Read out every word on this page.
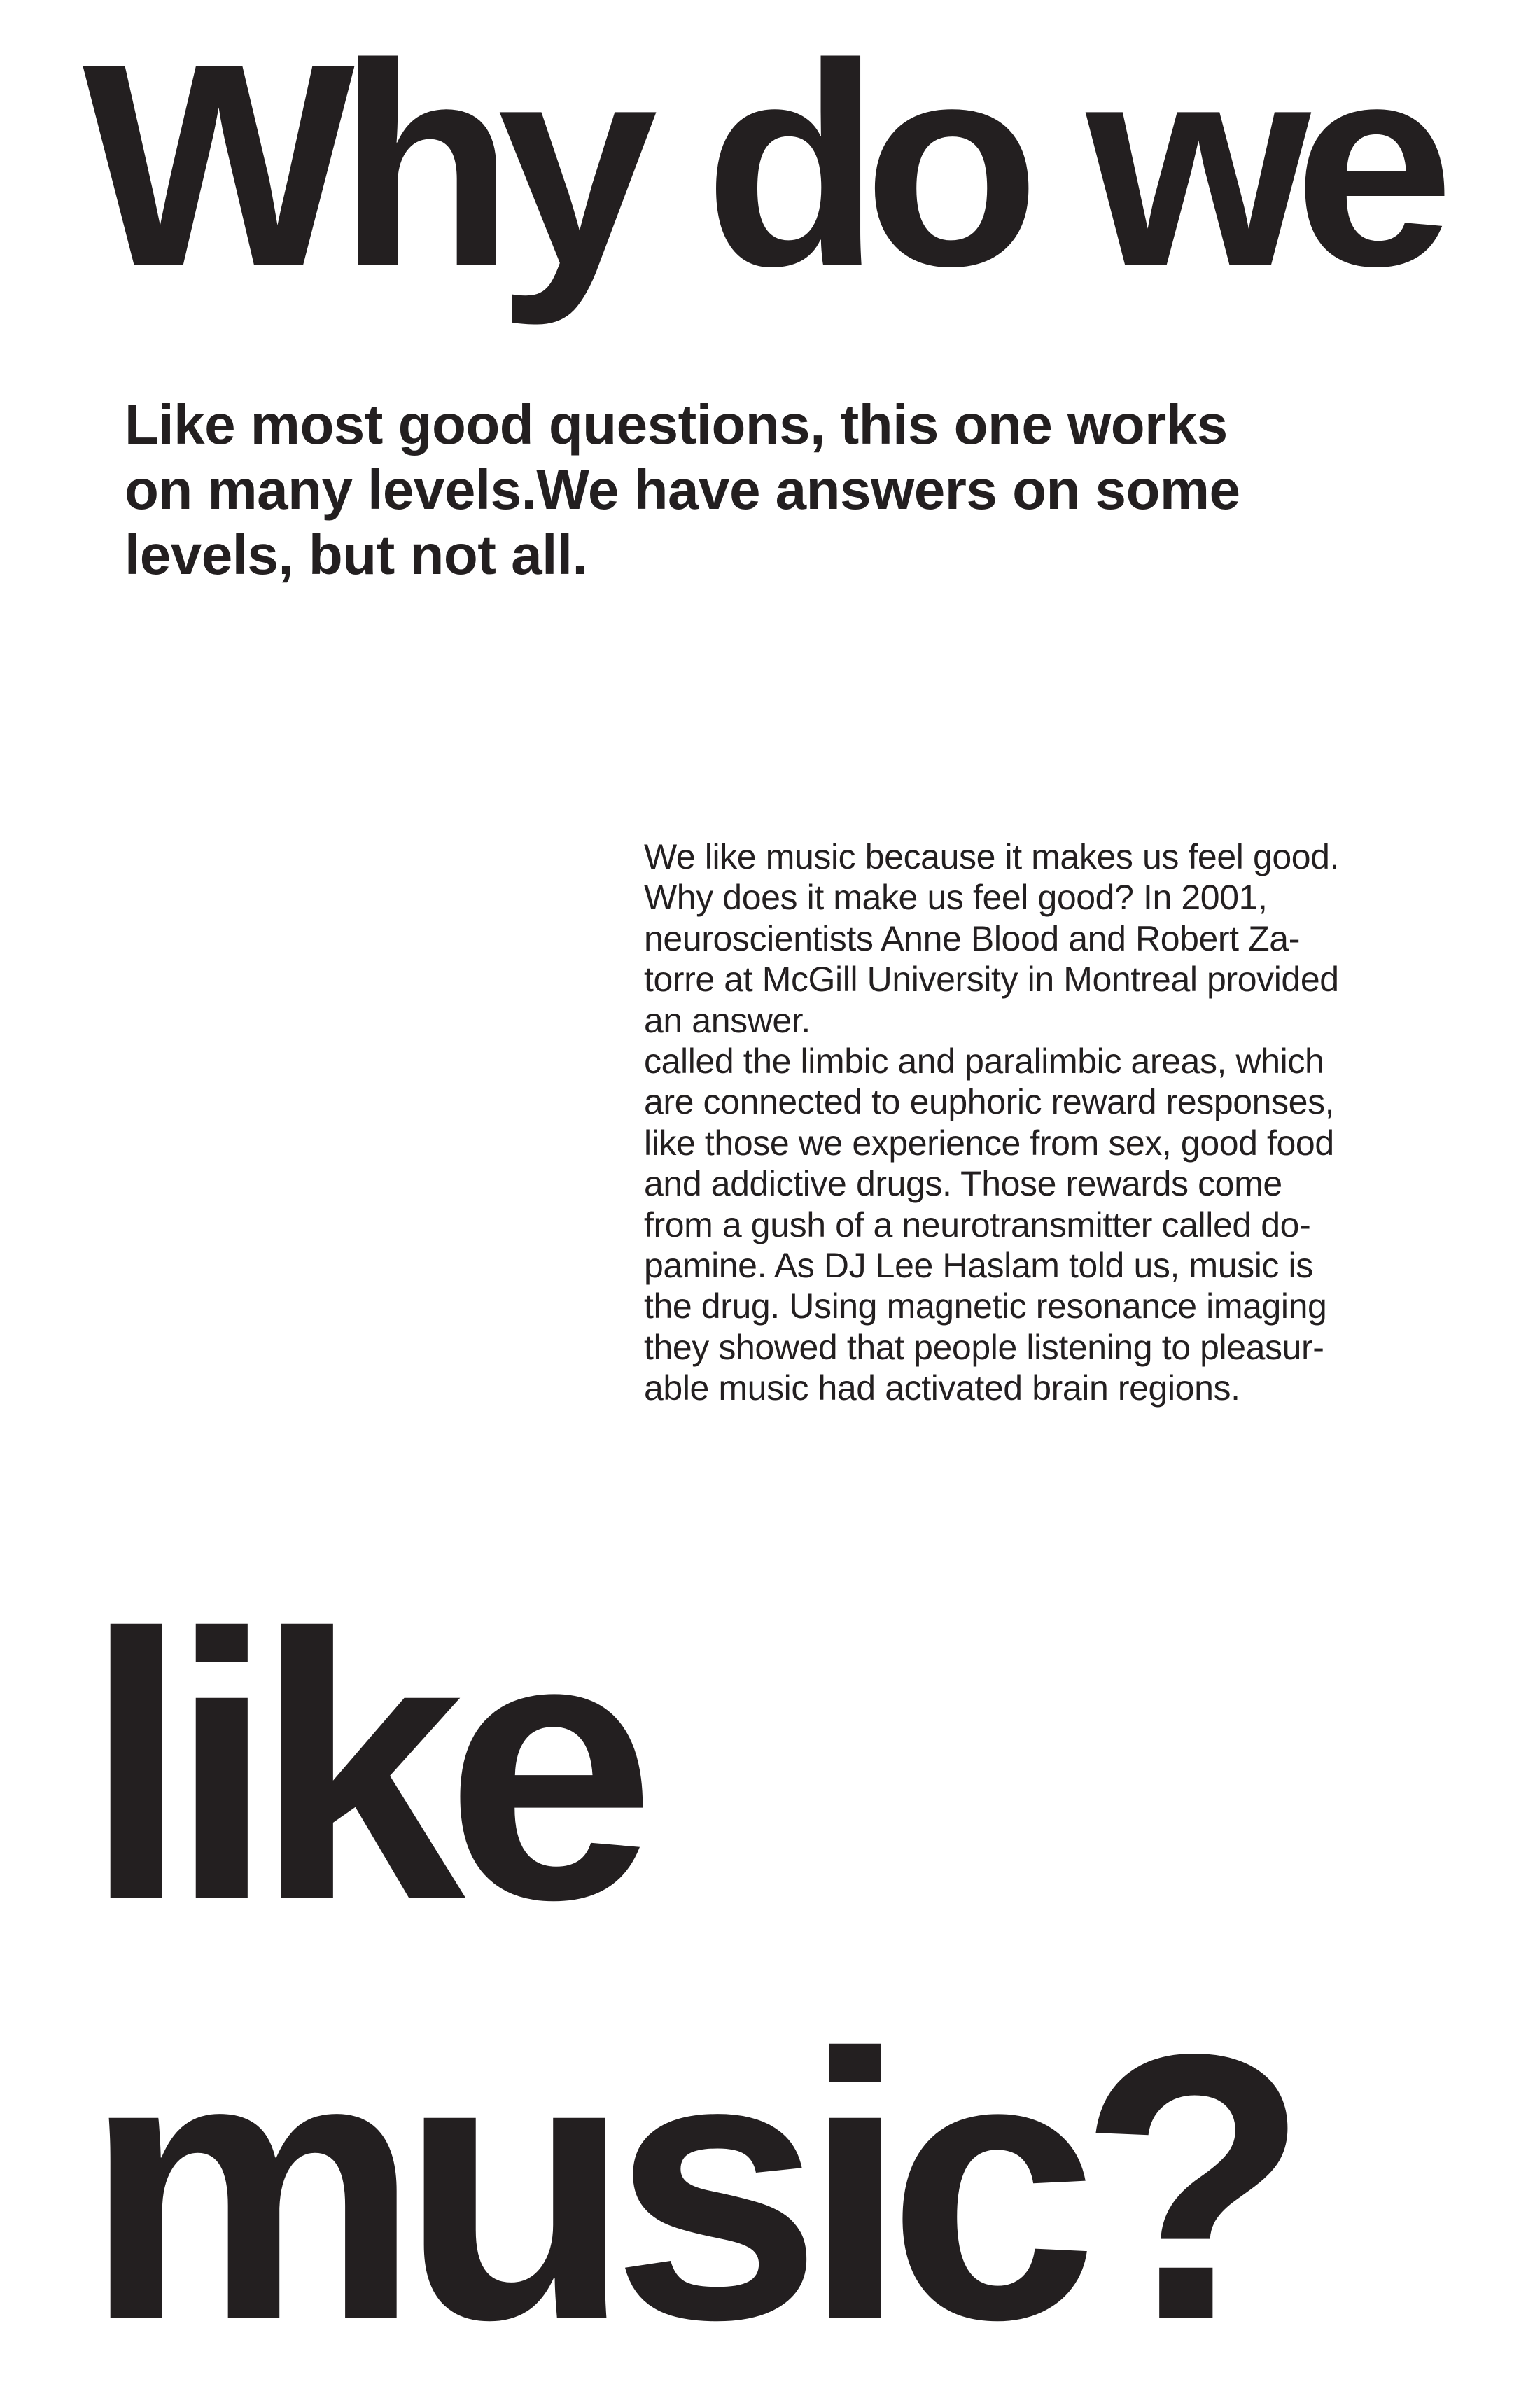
Why do we

Like most good questions, this one works
on many levels.We have answers on some
levels, but not all.

We like music because it makes us feel good.
Why does it make us feel good? In 2001,
neuroscientists Anne Blood and Robert Za-
torre at McGill University in Montreal provided
an answer.
called the limbic and paralimbic areas, which
are connected to euphoric reward responses,
like those we experience from sex, good food
and addictive drugs. Those rewards come
from a gush of a neurotransmitter called do-
pamine. As DJ Lee Haslam told us, music is
the drug. Using magnetic resonance imaging
they showed that people listening to pleasur-
able music had activated brain regions.

like
music?
